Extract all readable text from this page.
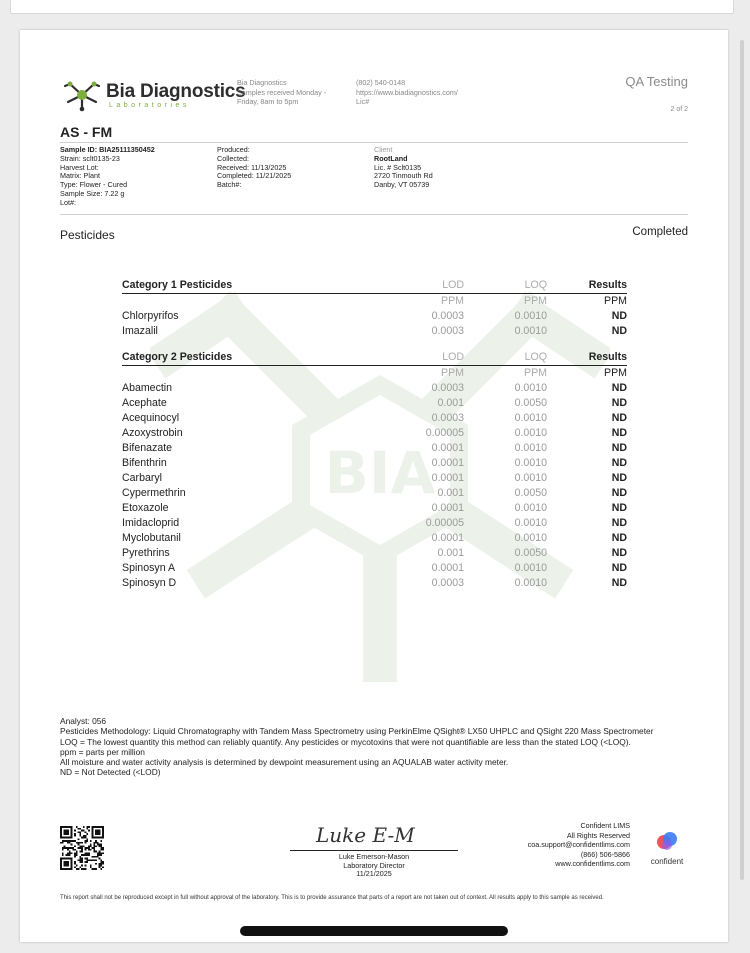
Bia Diagnostics
Laboratories
Bia Diagnostics
Samples received Monday -
Friday, 8am to 5pm
(802) 540-0148
https://www.biadiagnostics.com/
Lic#
QA Testing
2 of 2
AS - FM
Sample ID: BIA25111350452
Strain: sclt0135-23
Harvest Lot:
Matrix: Plant
Type: Flower - Cured
Sample Size: 7.22 g
Lot#:
Produced:
Collected:
Received: 11/13/2025
Completed: 11/21/2025
Batch#:
Client
RootLand
Lic. # Sclt0135
2720 Tinmouth Rd
Danby, VT 05739
Pesticides	Completed
BIA
Category 1 Pesticides	LOD	LOQ	Results
	PPM	PPM	PPM
Chlorpyrifos	0.0003	0.0010	ND
Imazalil	0.0003	0.0010	ND
Category 2 Pesticides	LOD	LOQ	Results
	PPM	PPM	PPM
Abamectin	0.0003	0.0010	ND
Acephate	0.001	0.0050	ND
Acequinocyl	0.0003	0.0010	ND
Azoxystrobin	0.00005	0.0010	ND
Bifenazate	0.0001	0.0010	ND
Bifenthrin	0.0001	0.0010	ND
Carbaryl	0.0001	0.0010	ND
Cypermethrin	0.001	0.0050	ND
Etoxazole	0.0001	0.0010	ND
Imidacloprid	0.00005	0.0010	ND
Myclobutanil	0.0001	0.0010	ND
Pyrethrins	0.001	0.0050	ND
Spinosyn A	0.0001	0.0010	ND
Spinosyn D	0.0003	0.0010	ND
Analyst: 056
Pesticides Methodology: Liquid Chromatography with Tandem Mass Spectrometry using PerkinElme QSight® LX50 UHPLC and QSight 220 Mass Spectrometer
LOQ = The lowest quantity this method can reliably quantify. Any pesticides or mycotoxins that were not quantifiable are less than the stated LOQ (<LOQ).
ppm = parts per million
All moisture and water activity analysis is determined by dewpoint measurement using an AQUALAB water activity meter.
ND = Not Detected (<LOD)
Luke E-M
Luke Emerson-Mason
Laboratory Director
11/21/2025
Confident LIMS
All Rights Reserved
coa.support@confidentlims.com
(866) 506-5866
www.confidentlims.com	confident
This report shall not be reproduced except in full without approval of the laboratory. This is to provide assurance that parts of a report are not taken out of context. All results apply to this sample as received.
